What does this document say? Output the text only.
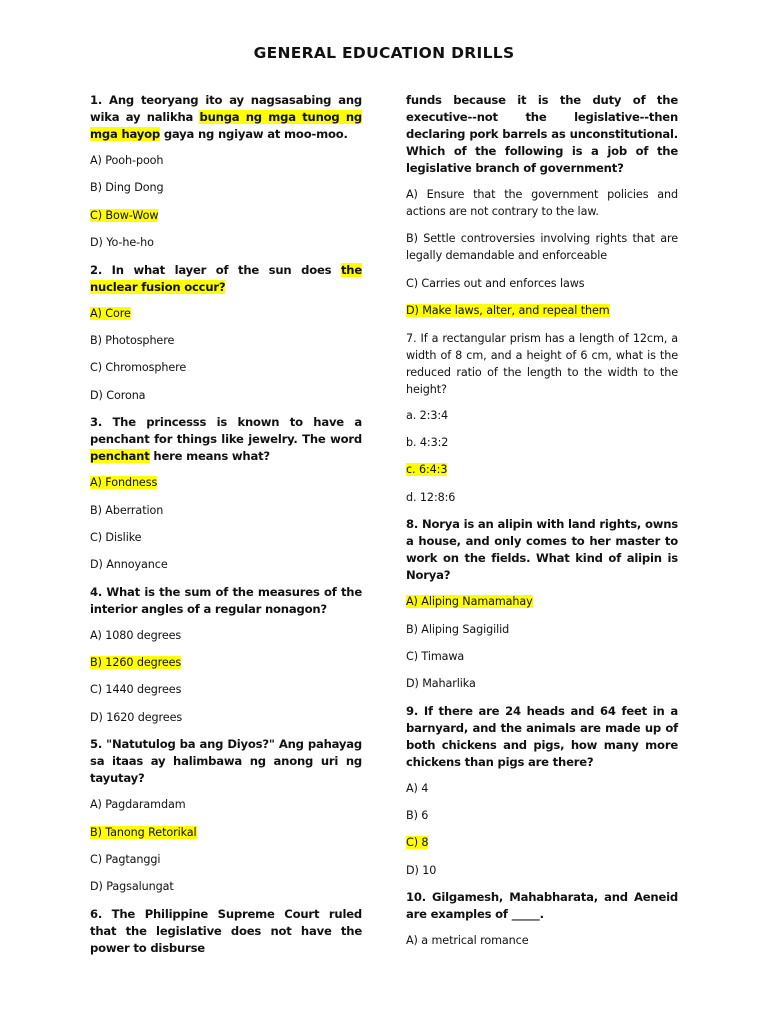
GENERAL EDUCATION DRILLS

1. Ang teoryang ito ay nagsasabing ang wika ay nalikha bunga ng mga tunog ng mga hayop gaya ng ngiyaw at moo-moo.

A) Pooh-pooh

B) Ding Dong

C) Bow-Wow

D) Yo-he-ho

2. In what layer of the sun does the nuclear fusion occur?

A) Core

B) Photosphere

C) Chromosphere

D) Corona

3. The princesss is known to have a penchant for things like jewelry. The word penchant here means what?

A) Fondness

B) Aberration

C) Dislike

D) Annoyance

4. What is the sum of the measures of the interior angles of a regular nonagon?

A) 1080 degrees

B) 1260 degrees

C) 1440 degrees

D) 1620 degrees

5. "Natutulog ba ang Diyos?" Ang pahayag sa itaas ay halimbawa ng anong uri ng tayutay?

A) Pagdaramdam

B) Tanong Retorikal

C) Pagtanggi

D) Pagsalungat

6. The Philippine Supreme Court ruled that the legislative does not have the power to disburse

funds because it is the duty of the executive--not the legislative--then declaring pork barrels as unconstitutional. Which of the following is a job of the legislative branch of government?

A) Ensure that the government policies and actions are not contrary to the law.

B) Settle controversies involving rights that are legally demandable and enforceable

C) Carries out and enforces laws

D) Make laws, alter, and repeal them

7. If a rectangular prism has a length of 12cm, a width of 8 cm, and a height of 6 cm, what is the reduced ratio of the length to the width to the height?

a. 2:3:4

b. 4:3:2

c. 6:4:3

d. 12:8:6

8. Norya is an alipin with land rights, owns a house, and only comes to her master to work on the fields. What kind of alipin is Norya?

A) Aliping Namamahay

B) Aliping Sagigilid

C) Timawa

D) Maharlika

9. If there are 24 heads and 64 feet in a barnyard, and the animals are made up of both chickens and pigs, how many more chickens than pigs are there?

A) 4

B) 6

C) 8

D) 10

10. Gilgamesh, Mahabharata, and Aeneid are examples of _____.

A) a metrical romance
